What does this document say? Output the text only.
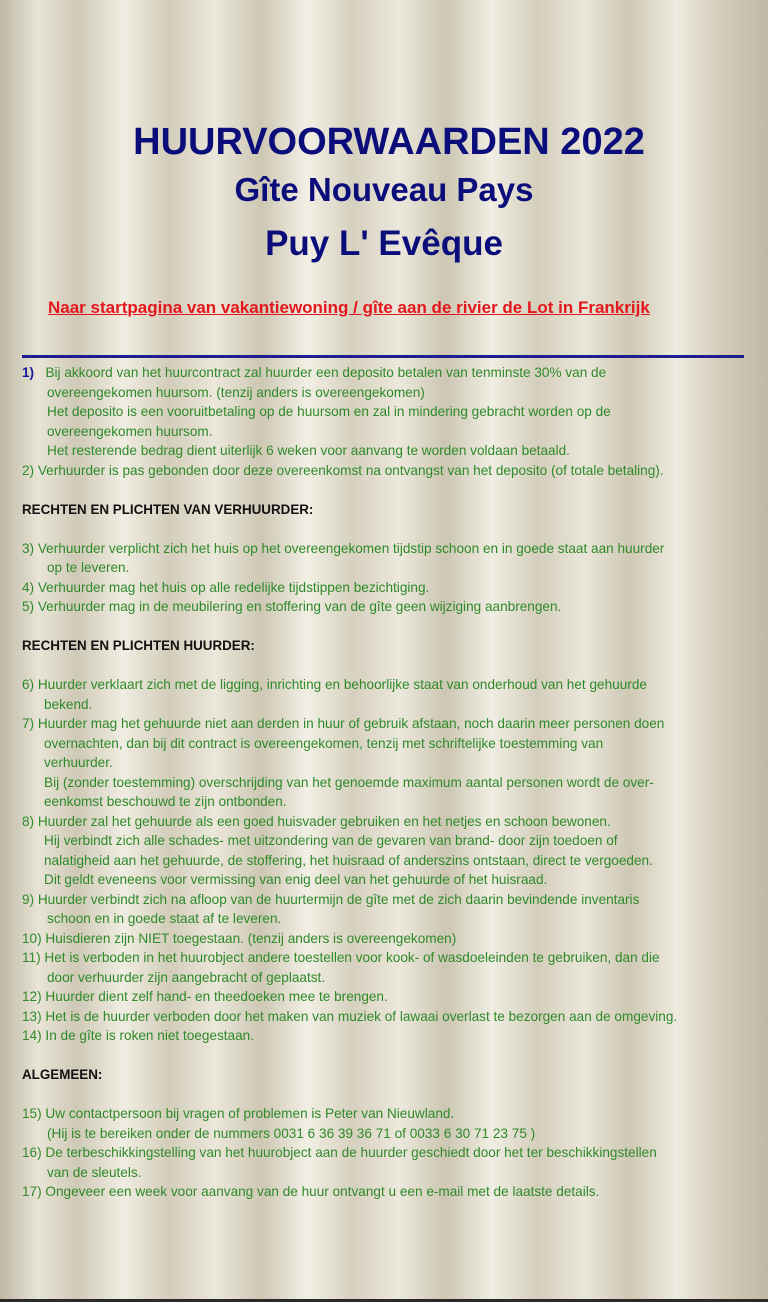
HUURVOORWAARDEN 2022
Gîte Nouveau Pays
Puy L' Evêque
Naar startpagina van vakantiewoning / gîte aan de rivier de Lot in Frankrijk
1) Bij akkoord van het huurcontract zal huurder een deposito betalen van tenminste 30% van de
overeengekomen huursom. (tenzij anders is overeengekomen)
Het deposito is een vooruitbetaling op de huursom en zal in mindering gebracht worden op de
overeengekomen huursom.
Het resterende bedrag dient uiterlijk 6 weken voor aanvang te worden voldaan betaald.
2) Verhuurder is pas gebonden door deze overeenkomst na ontvangst van het deposito (of totale betaling).
RECHTEN EN PLICHTEN VAN VERHUURDER:
3) Verhuurder verplicht zich het huis op het overeengekomen tijdstip schoon en in goede staat aan huurder
op te leveren.
4) Verhuurder mag het huis op alle redelijke tijdstippen bezichtiging.
5) Verhuurder mag in de meubilering en stoffering van de gîte geen wijziging aanbrengen.
RECHTEN EN PLICHTEN HUURDER:
6) Huurder verklaart zich met de ligging, inrichting en behoorlijke staat van onderhoud van het gehuurde
bekend.
7) Huurder mag het gehuurde niet aan derden in huur of gebruik afstaan, noch daarin meer personen doen
overnachten, dan bij dit contract is overeengekomen, tenzij met schriftelijke toestemming van
verhuurder.
Bij (zonder toestemming) overschrijding van het genoemde maximum aantal personen wordt de over-
eenkomst beschouwd te zijn ontbonden.
8) Huurder zal het gehuurde als een goed huisvader gebruiken en het netjes en schoon bewonen.
Hij verbindt zich alle schades- met uitzondering van de gevaren van brand- door zijn toedoen of
nalatigheid aan het gehuurde, de stoffering, het huisraad of anderszins ontstaan, direct te vergoeden.
Dit geldt eveneens voor vermissing van enig deel van het gehuurde of het huisraad.
9) Huurder verbindt zich na afloop van de huurtermijn de gîte met de zich daarin bevindende inventaris
schoon en in goede staat af te leveren.
10) Huisdieren zijn NIET toegestaan. (tenzij anders is overeengekomen)
11) Het is verboden in het huurobject andere toestellen voor kook- of wasdoeleinden te gebruiken, dan die
door verhuurder zijn aangebracht of geplaatst.
12) Huurder dient zelf hand- en theedoeken mee te brengen.
13) Het is de huurder verboden door het maken van muziek of lawaai overlast te bezorgen aan de omgeving.
14) In de gîte is roken niet toegestaan.
ALGEMEEN:
15) Uw contactpersoon bij vragen of problemen is Peter van Nieuwland.
(Hij is te bereiken onder de nummers 0031 6 36 39 36 71 of 0033 6 30 71 23 75 )
16) De terbeschikkingstelling van het huurobject aan de huurder geschiedt door het ter beschikkingstellen
van de sleutels.
17) Ongeveer een week voor aanvang van de huur ontvangt u een e-mail met de laatste details.
